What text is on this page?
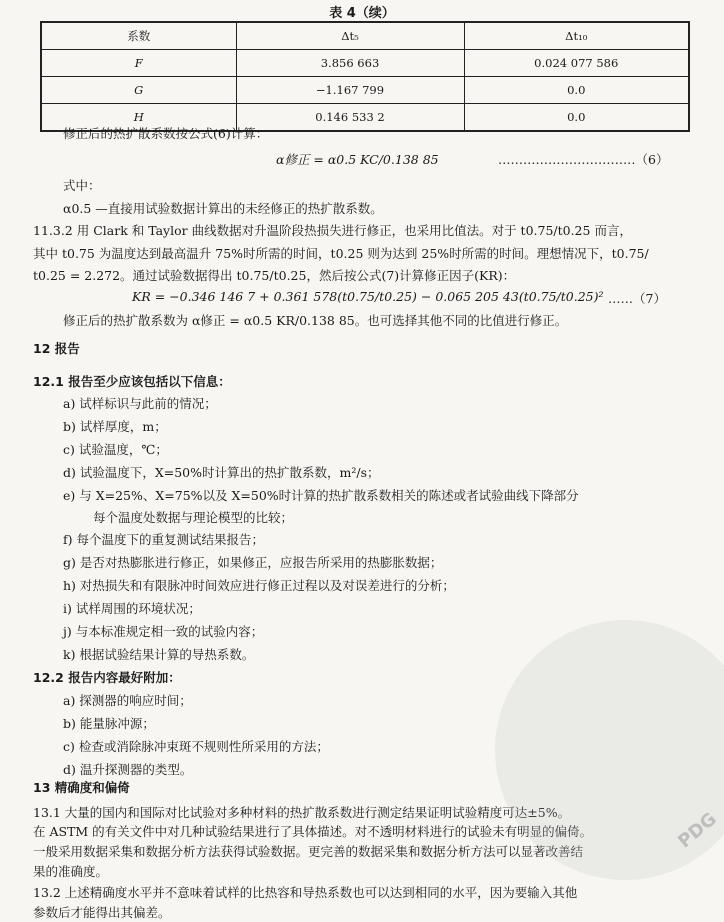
表 4（续）
系数	Δt₅	Δt₁₀
F	3.856 663	0.024 077 586
G	−1.167 799	0.0
H	0.146 533 2	0.0
修正后的热扩散系数按公式(6)计算：
α修正 = α0.5 KC/0.138 85	……………………………（6）
式中：
α0.5 —直接用试验数据计算出的未经修正的热扩散系数。
11.3.2 用 Clark 和 Taylor 曲线数据对升温阶段热损失进行修正，也采用比值法。对于 t0.75/t0.25 而言，
其中 t0.75 为温度达到最高温升 75%时所需的时间，t0.25 则为达到 25%时所需的时间。理想情况下，t0.75/
t0.25 = 2.272。通过试验数据得出 t0.75/t0.25，然后按公式(7)计算修正因子(KR)：
KR = −0.346 146 7 + 0.361 578(t0.75/t0.25) − 0.065 205 43(t0.75/t0.25)² ……（7）
修正后的热扩散系数为 α修正 = α0.5 KR/0.138 85。也可选择其他不同的比值进行修正。
12 报告
12.1 报告至少应该包括以下信息：
a) 试样标识与此前的情况；
b) 试样厚度，m；
c) 试验温度，℃；
d) 试验温度下，X=50%时计算出的热扩散系数，m²/s；
e) 与 X=25%、X=75%以及 X=50%时计算的热扩散系数相关的陈述或者试验曲线下降部分
每个温度处数据与理论模型的比较；
f) 每个温度下的重复测试结果报告；
g) 是否对热膨胀进行修正，如果修正，应报告所采用的热膨胀数据；
h) 对热损失和有限脉冲时间效应进行修正过程以及对误差进行的分析；
i) 试样周围的环境状况；
j) 与本标准规定相一致的试验内容；
k) 根据试验结果计算的导热系数。
12.2 报告内容最好附加：
a) 探测器的响应时间；
b) 能量脉冲源；
c) 检查或消除脉冲束斑不规则性所采用的方法；
d) 温升探测器的类型。
13 精确度和偏倚
13.1 大量的国内和国际对比试验对多种材料的热扩散系数进行测定结果证明试验精度可达±5%。
在 ASTM 的有关文件中对几种试验结果进行了具体描述。对不透明材料进行的试验未有明显的偏倚。
一般采用数据采集和数据分析方法获得试验数据。更完善的数据采集和数据分析方法可以显著改善结
果的准确度。
PDG
13.2 上述精确度水平并不意味着试样的比热容和导热系数也可以达到相同的水平，因为要输入其他
参数后才能得出其偏差。
